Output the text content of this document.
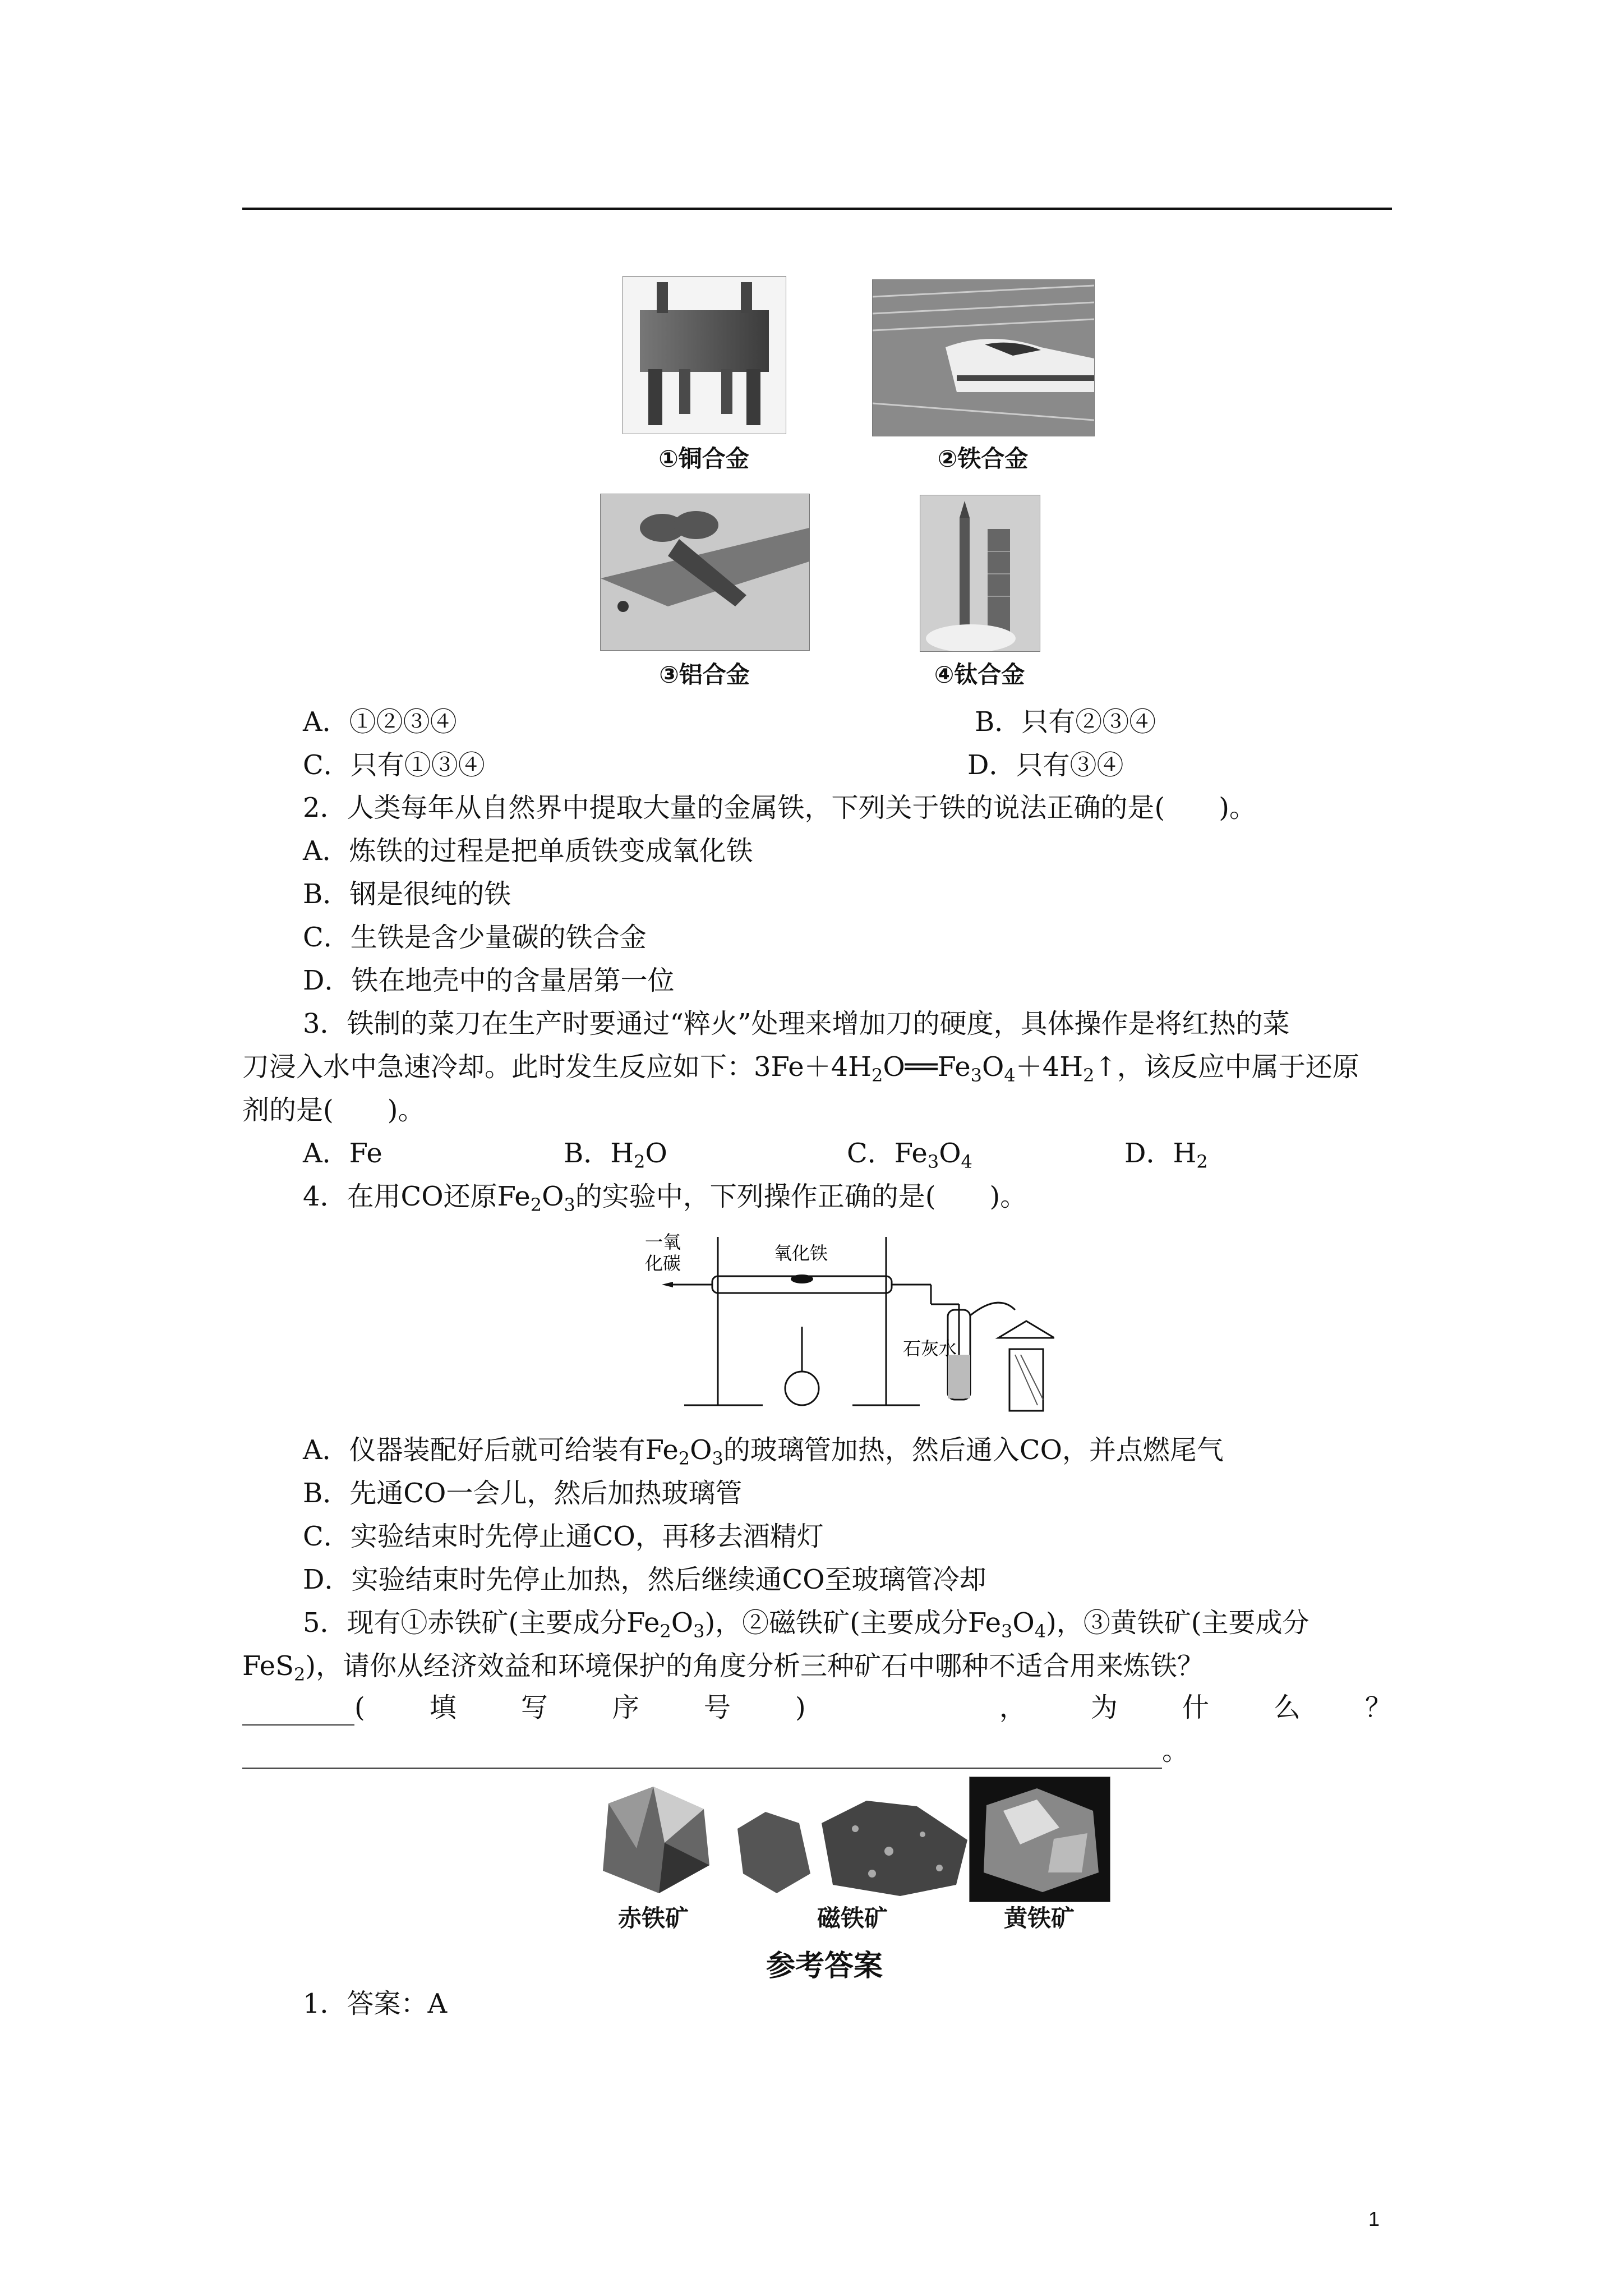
①铜合金	②铁合金
③铝合金	④钛合金
A．①②③④	B．只有②③④
C．只有①③④	D．只有③④
2．人类每年从自然界中提取大量的金属铁，下列关于铁的说法正确的是(　　)。
A．炼铁的过程是把单质铁变成氧化铁
B．钢是很纯的铁
C．生铁是含少量碳的铁合金
D．铁在地壳中的含量居第一位
3．铁制的菜刀在生产时要通过“粹火”处理来增加刀的硬度，具体操作是将红热的菜
刀浸入水中急速冷却。此时发生反应如下：$3Fe+4H_2O══Fe_3O_4+4H_2↑$，该反应中属于还原
剂的是(　　)。
A．Fe	B．$H_2O$	C．$Fe_3O_4$	D．$H_2$
4．在用CO还原$Fe_2O_3$的实验中，下列操作正确的是(　　)。
一氧
化碳	氧化铁
石灰水
A．仪器装配好后就可给装有$Fe_2O_3$的玻璃管加热，然后通入CO，并点燃尾气
B．先通CO一会儿，然后加热玻璃管
C．实验结束时先停止通CO，再移去酒精灯
D．实验结束时先停止加热，然后继续通CO至玻璃管冷却
5．现有①赤铁矿(主要成分$Fe_2O_3$)，②磁铁矿(主要成分$Fe_3O_4$)，③黄铁矿(主要成分
FeS$_2$)，请你从经济效益和环境保护的角度分析三种矿石中哪种不适合用来炼铁？
( 填 写 序 号 )	， 为 什 么 ？
。
赤铁矿	磁铁矿	黄铁矿
参考答案
1．答案：A
1
